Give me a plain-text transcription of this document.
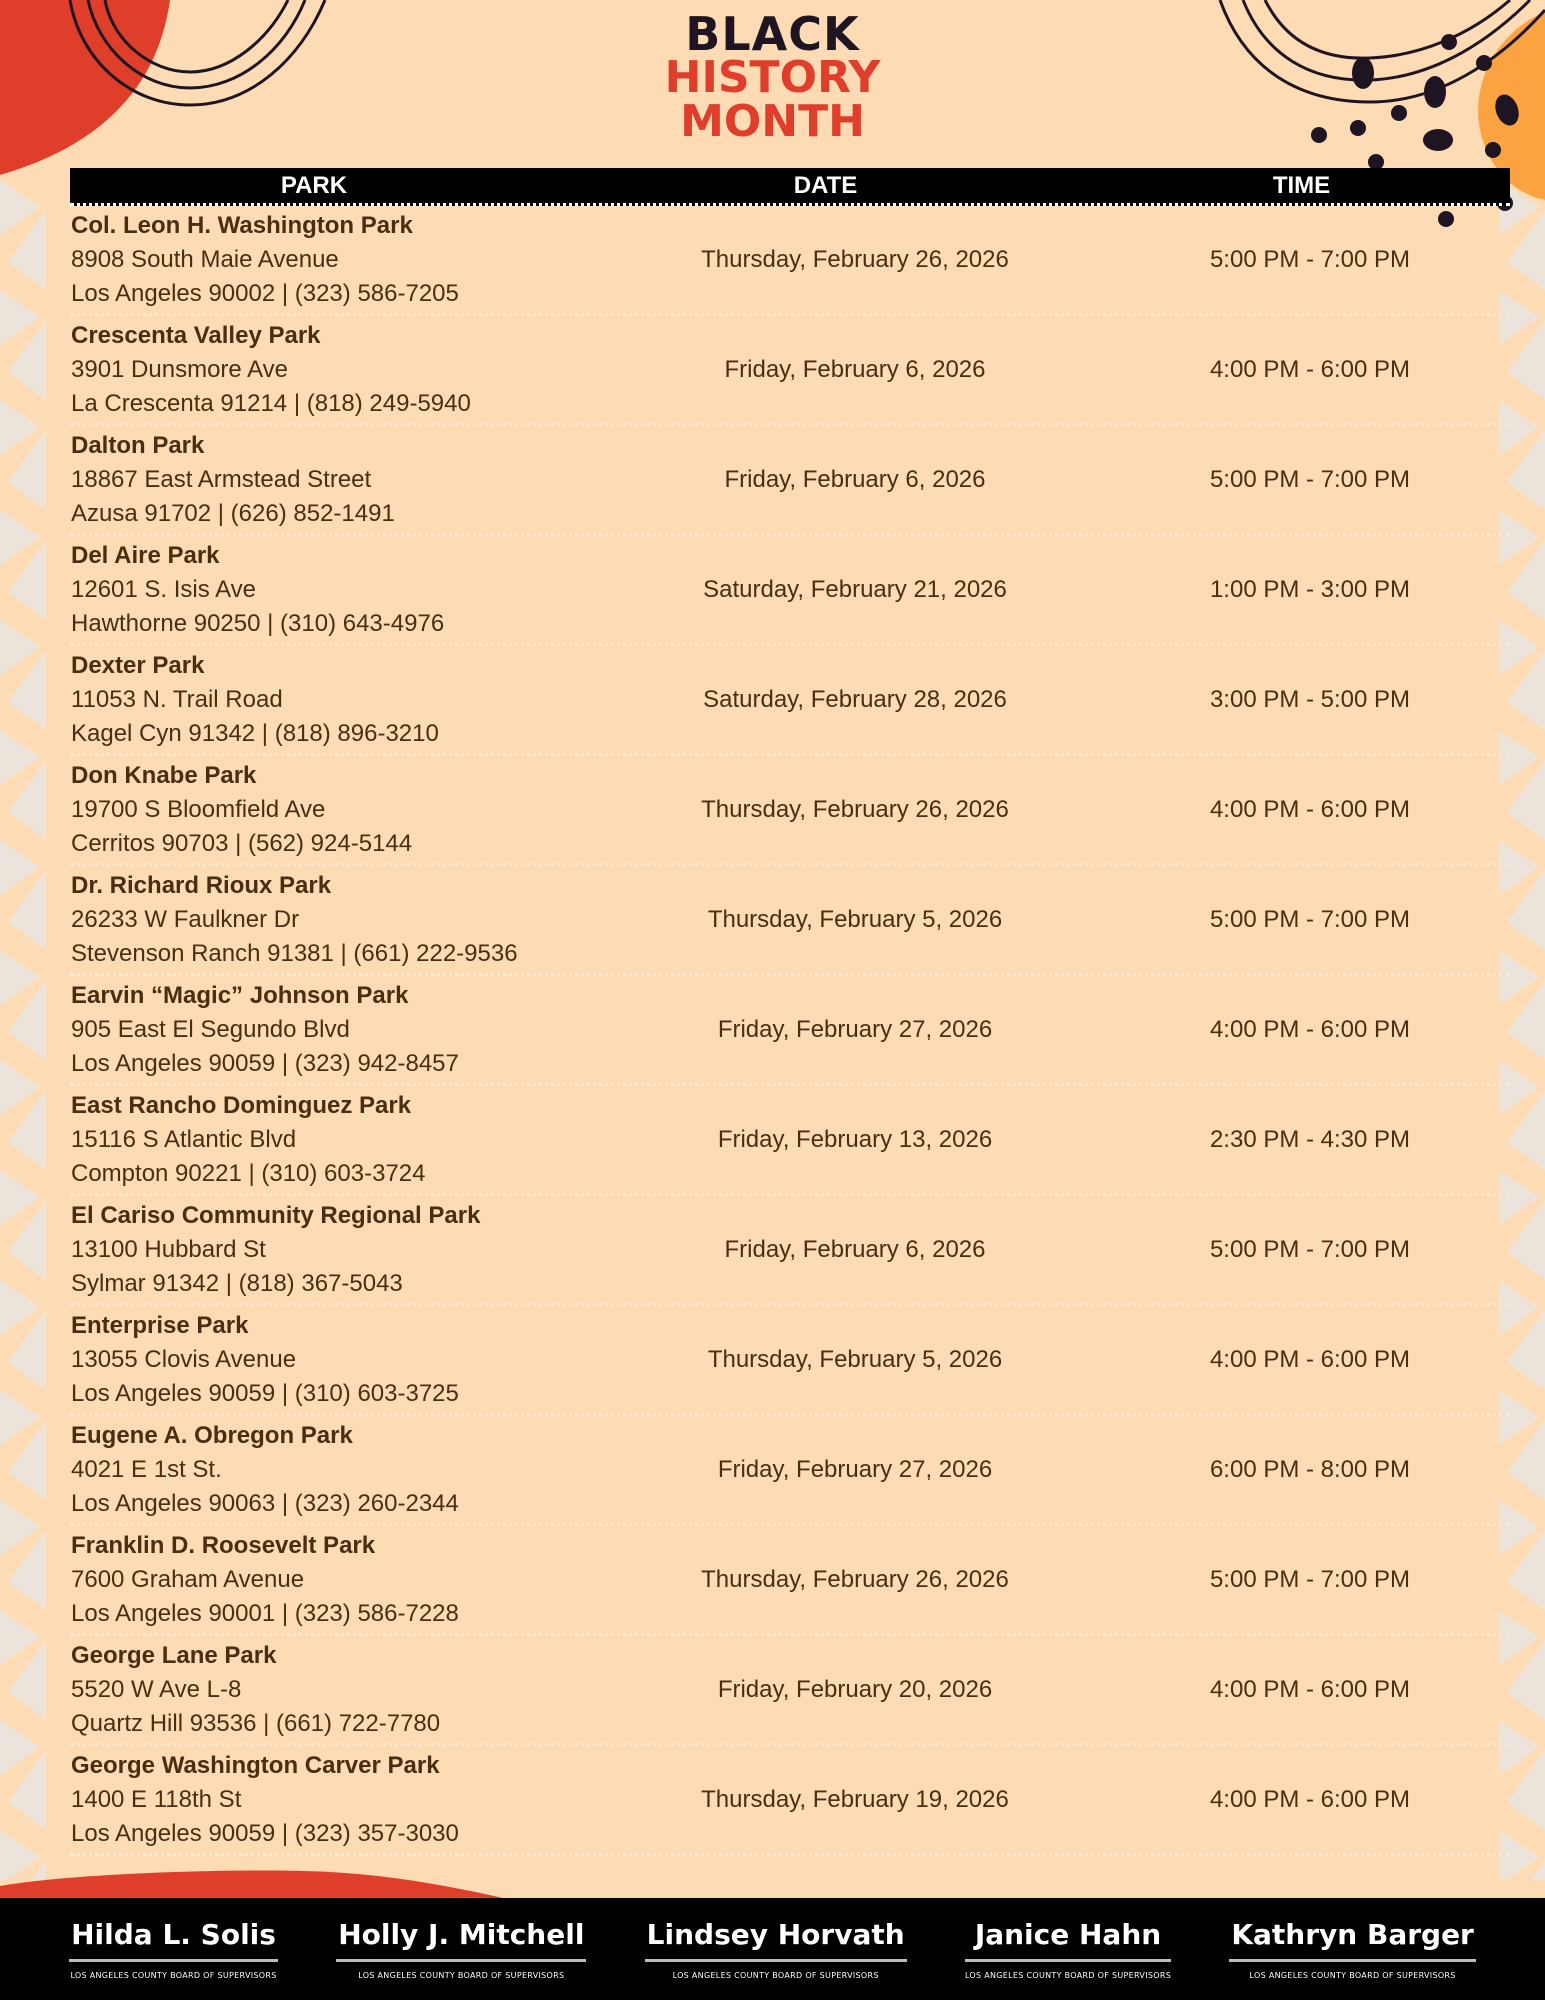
BLACK
HISTORY
MONTH
PARK	DATE	TIME
Col. Leon H. Washington Park
8908 South Maie Avenue
Los Angeles 90002 | (323) 586-7205
Thursday, February 26, 2026	5:00 PM - 7:00 PM
Crescenta Valley Park
3901 Dunsmore Ave
La Crescenta 91214 | (818) 249-5940
Friday, February 6, 2026	4:00 PM - 6:00 PM
Dalton Park
18867 East Armstead Street
Azusa 91702 | (626) 852-1491
Friday, February 6, 2026	5:00 PM - 7:00 PM
Del Aire Park
12601 S. Isis Ave
Hawthorne 90250 | (310) 643-4976
Saturday, February 21, 2026	1:00 PM - 3:00 PM
Dexter Park
11053 N. Trail Road
Kagel Cyn 91342 | (818) 896-3210
Saturday, February 28, 2026	3:00 PM - 5:00 PM
Don Knabe Park
19700 S Bloomfield Ave
Cerritos 90703 | (562) 924-5144
Thursday, February 26, 2026	4:00 PM - 6:00 PM
Dr. Richard Rioux Park
26233 W Faulkner Dr
Stevenson Ranch 91381 | (661) 222-9536
Thursday, February 5, 2026	5:00 PM - 7:00 PM
Earvin “Magic” Johnson Park
905 East El Segundo Blvd
Los Angeles 90059 | (323) 942-8457
Friday, February 27, 2026	4:00 PM - 6:00 PM
East Rancho Dominguez Park
15116 S Atlantic Blvd
Compton 90221 | (310) 603-3724
Friday, February 13, 2026	2:30 PM - 4:30 PM
El Cariso Community Regional Park
13100 Hubbard St
Sylmar 91342 | (818) 367-5043
Friday, February 6, 2026	5:00 PM - 7:00 PM
Enterprise Park
13055 Clovis Avenue
Los Angeles 90059 | (310) 603-3725
Thursday, February 5, 2026	4:00 PM - 6:00 PM
Eugene A. Obregon Park
4021 E 1st St.
Los Angeles 90063 | (323) 260-2344
Friday, February 27, 2026	6:00 PM - 8:00 PM
Franklin D. Roosevelt Park
7600 Graham Avenue
Los Angeles 90001 | (323) 586-7228
Thursday, February 26, 2026	5:00 PM - 7:00 PM
George Lane Park
5520 W Ave L-8
Quartz Hill 93536 | (661) 722-7780
Friday, February 20, 2026	4:00 PM - 6:00 PM
George Washington Carver Park
1400 E 118th St
Los Angeles 90059 | (323) 357-3030
Thursday, February 19, 2026	4:00 PM - 6:00 PM
Hilda L. Solis
LOS ANGELES COUNTY BOARD OF SUPERVISORS
Holly J. Mitchell
LOS ANGELES COUNTY BOARD OF SUPERVISORS
Lindsey Horvath
LOS ANGELES COUNTY BOARD OF SUPERVISORS
Janice Hahn
LOS ANGELES COUNTY BOARD OF SUPERVISORS
Kathryn Barger
LOS ANGELES COUNTY BOARD OF SUPERVISORS
